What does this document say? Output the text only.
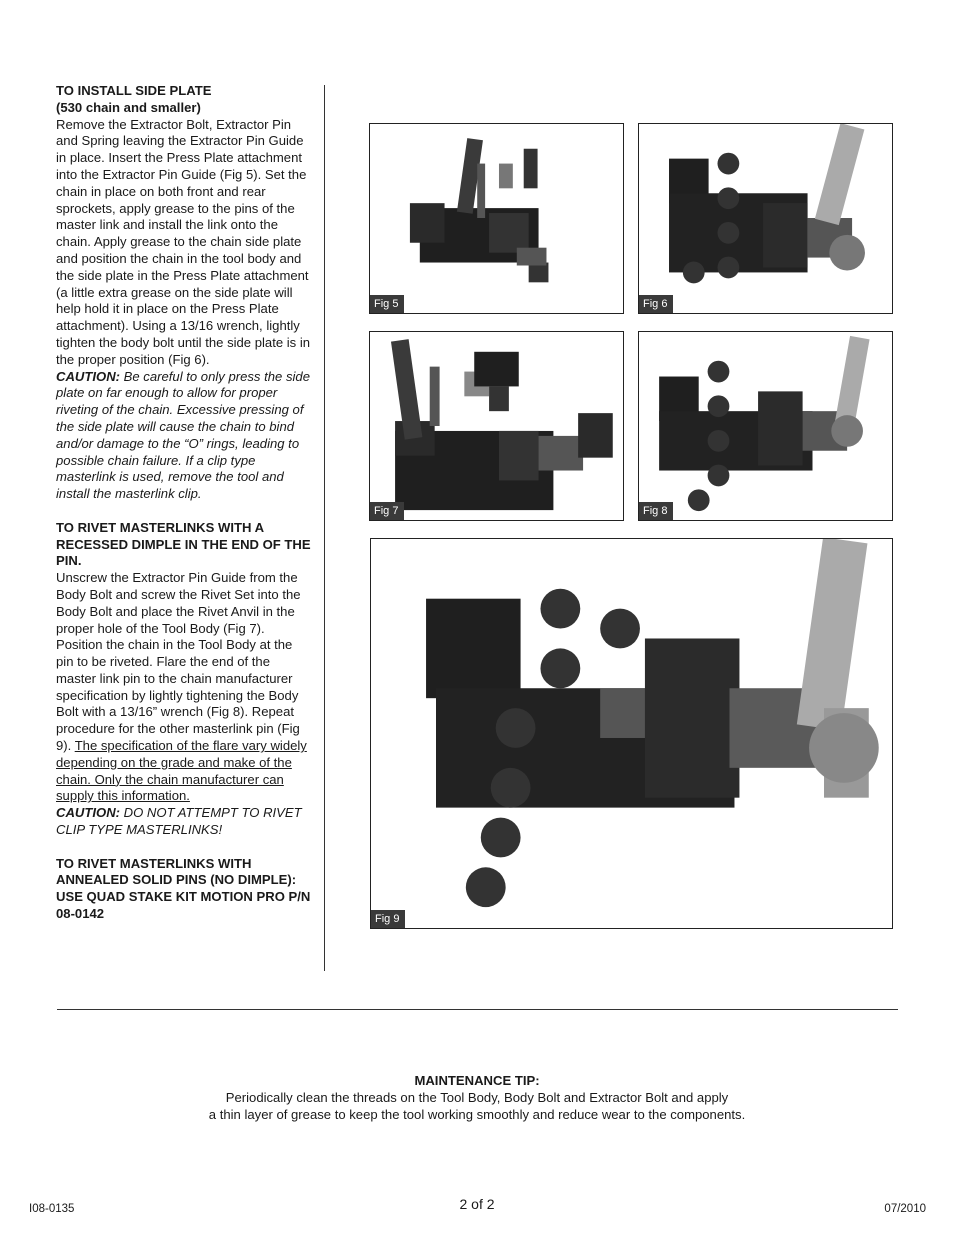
TO INSTALL SIDE PLATE

(530 chain and smaller)

Remove the Extractor Bolt, Extractor Pin and Spring leaving the Extractor Pin Guide in place. Insert the Press Plate attachment into the Extractor Pin Guide (Fig 5). Set the chain in place on both front and rear sprockets, apply grease to the pins of the master link and install the link onto the chain. Apply grease to the chain side plate and position the chain in the tool body and the side plate in the Press Plate attachment (a little extra grease on the side plate will help hold it in place on the Press Plate attachment). Using a 13/16 wrench, lightly tighten the body bolt until the side plate is in the proper position (Fig 6).

CAUTION: Be careful to only press the side plate on far enough to allow for proper riveting of the chain. Excessive pressing of the side plate will cause the chain to bind and/or damage to the “O” rings, leading to possible chain failure. If a clip type masterlink is used, remove the tool and install the masterlink clip.

TO RIVET MASTERLINKS WITH A RECESSED DIMPLE IN THE END OF THE PIN.

Unscrew the Extractor Pin Guide from the Body Bolt and screw the Rivet Set into the Body Bolt and place the Rivet Anvil in the proper hole of the Tool Body (Fig 7). Position the chain in the Tool Body at the pin to be riveted. Flare the end of the master link pin to the chain manufacturer specification by lightly tightening the Body Bolt with a 13/16” wrench (Fig 8). Repeat procedure for the other masterlink pin (Fig 9). The specification of the flare vary widely depending on the grade and make of the chain. Only the chain manufacturer can supply this information.

CAUTION: DO NOT ATTEMPT TO RIVET CLIP TYPE MASTERLINKS!

TO RIVET MASTERLINKS WITH ANNEALED SOLID PINS (NO DIMPLE): USE QUAD STAKE KIT MOTION PRO P/N 08-0142

Fig 5	Fig 6
Fig 7	Fig 8
Fig 9
MAINTENANCE TIP:
Periodically clean the threads on the Tool Body, Body Bolt and Extractor Bolt and apply
a thin layer of grease to keep the tool working smoothly and reduce wear to the components.
I08-0135	2 of 2	07/2010
